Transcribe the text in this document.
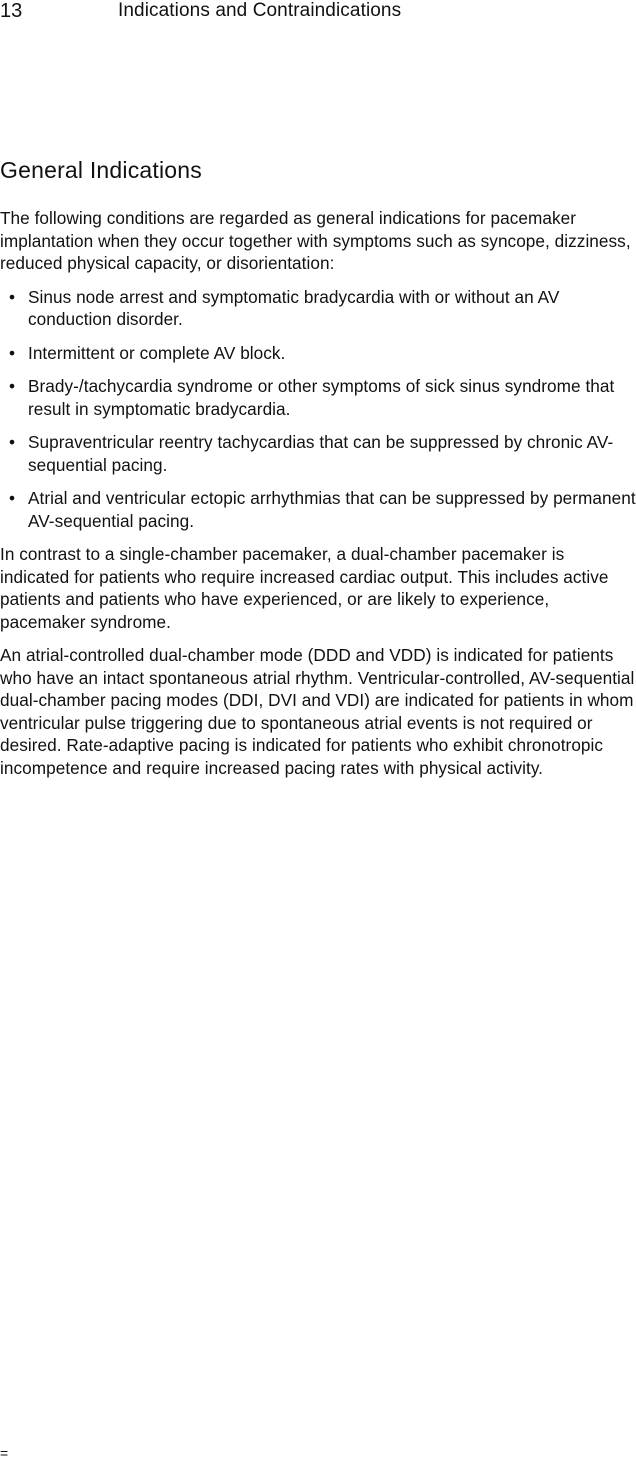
13	Indications and Contraindications
General Indications

The following conditions are regarded as general indications for pacemaker implantation when they occur together with symptoms such as syncope, dizziness, reduced physical capacity, or disorientation:

• Sinus node arrest and symptomatic bradycardia with or without an AV conduction disorder.
• Intermittent or complete AV block.
• Brady-/tachycardia syndrome or other symptoms of sick sinus syndrome that result in symptomatic bradycardia.
• Supraventricular reentry tachycardias that can be suppressed by chronic AV-sequential pacing.
• Atrial and ventricular ectopic arrhythmias that can be suppressed by permanent AV-sequential pacing.

In contrast to a single-chamber pacemaker, a dual-chamber pacemaker is indicated for patients who require increased cardiac output. This includes active patients and patients who have experienced, or are likely to experience, pacemaker syndrome.

An atrial-controlled dual-chamber mode (DDD and VDD) is indicated for patients who have an intact spontaneous atrial rhythm. Ventricular-controlled, AV-sequential dual-chamber pacing modes (DDI, DVI and VDI) are indicated for patients in whom ventricular pulse triggering due to spontaneous atrial events is not required or desired. Rate-adaptive pacing is indicated for patients who exhibit chronotropic incompetence and require increased pacing rates with physical activity.

=
